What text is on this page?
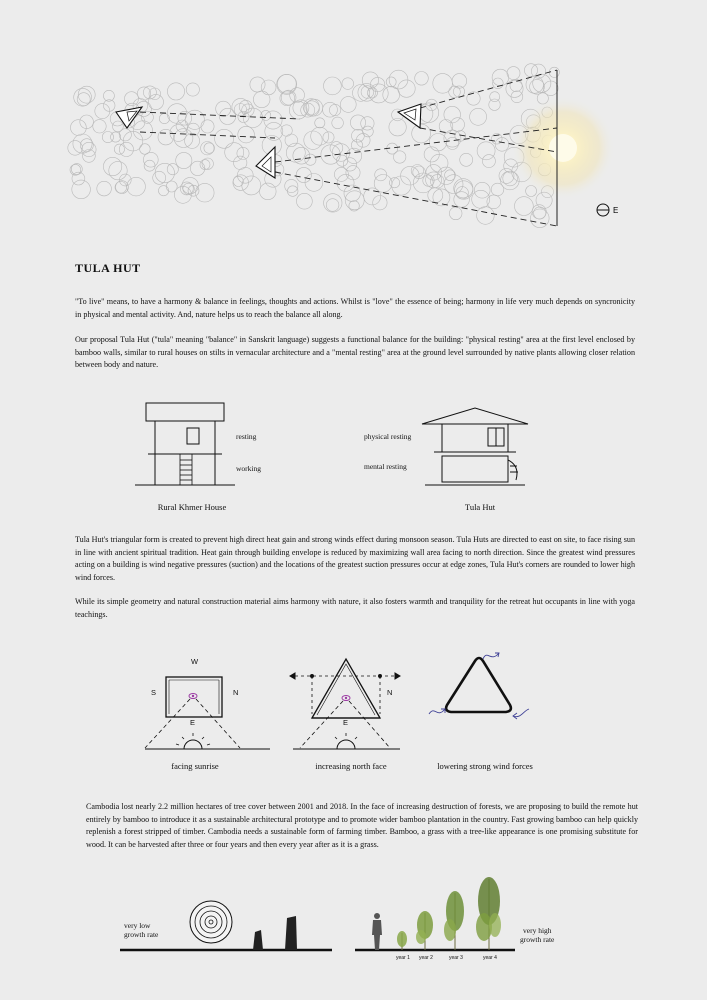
E
TULA HUT
"To live" means, to have a harmony & balance in feelings, thoughts and actions. Whilst is "love" the essence of being; harmony in life very much depends on syncronicity in physical and mental activity. And, nature helps us to reach the balance all along.
Our proposal Tula Hut ("tula" meaning "balance" in Sanskrit language) suggests a functional balance for the building: "physical resting" area at the first level enclosed by bamboo walls, similar to rural houses on stilts in vernacular architecture and a "mental resting" area at the ground level surrounded by native plants allowing closer relation between body and nature.
resting
working
Rural Khmer House
physical resting
mental resting
Tula Hut
Tula Hut's triangular form is created to prevent high direct heat gain and strong winds effect during monsoon season. Tula Huts are directed to east on site, to face rising sun in line with ancient spiritual tradition. Heat gain through building envelope is reduced by maximizing wall area facing to north direction. Since the greatest wind pressures acting on a building is wind negative pressures (suction) and the locations of the greatest suction pressures occur at edge zones, Tula Hut's corners are rounded to lower high wind forces.
While its simple geometry and natural construction material aims harmony with nature, it also fosters warmth and tranquility for the retreat hut occupants in line with yoga teachings.
W
S	N
E
facing sunrise
N
E
increasing north face	lowering strong wind forces
Cambodia lost nearly 2.2 million hectares of tree cover between 2001 and 2018. In the face of increasing destruction of forests, we are proposing to build the remote hut entirely by bamboo to introduce it as a sustainable architectural prototype and to promote wider bamboo plantation in the country. Fast growing bamboo can help quickly replenish a forest stripped of timber. Cambodia needs a sustainable form of farming timber. Bamboo, a grass with a tree-like appearance is one promising substitute for wood. It can be harvested after three or four years and then every year after as it is a grass.
very low
growth rate
year 1 year 2	year 3	year 4
very high
growth rate
